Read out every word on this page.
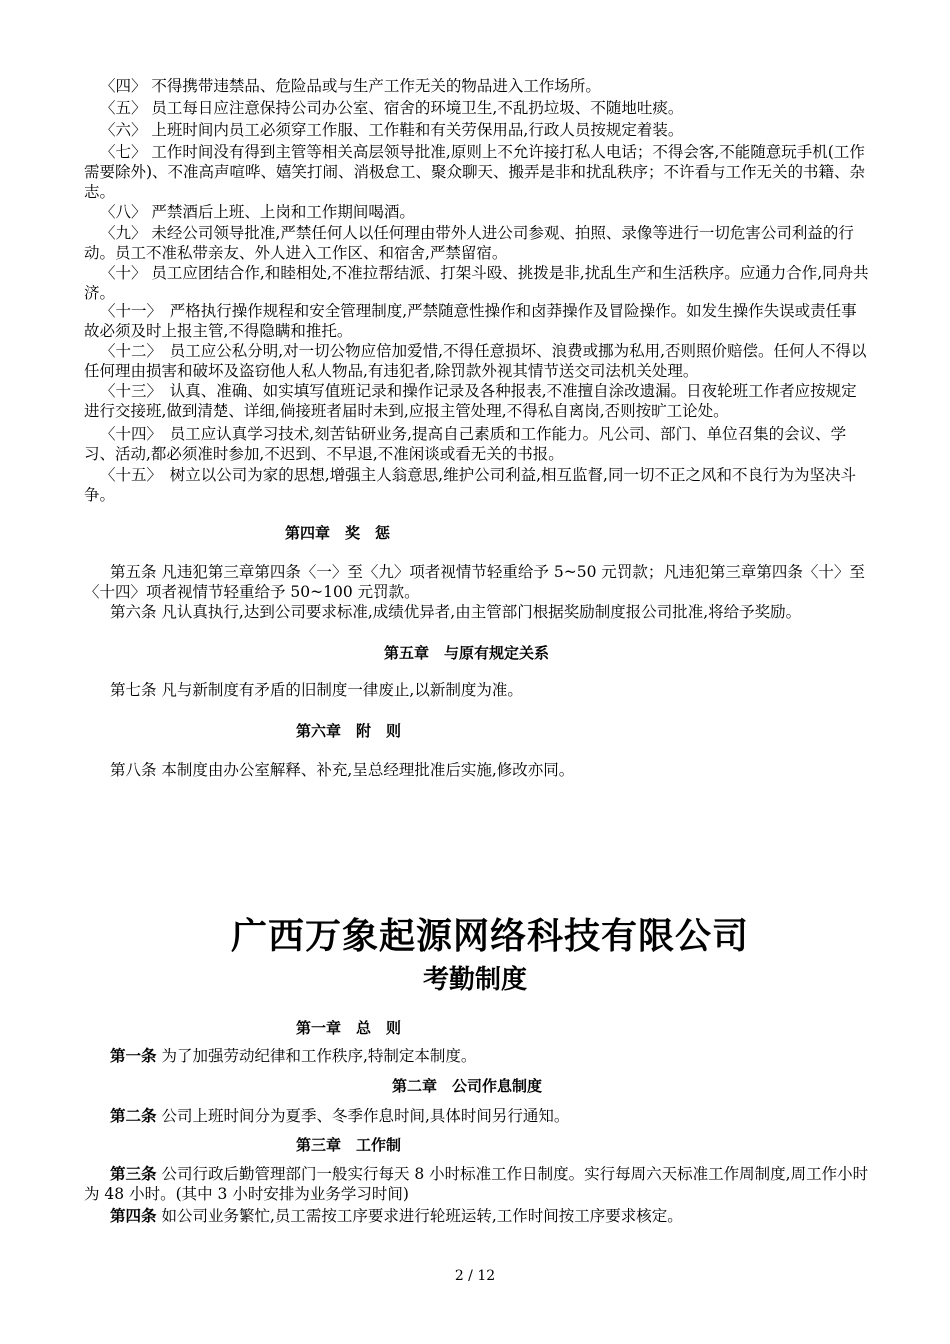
〈四〉 不得携带违禁品、危险品或与生产工作无关的物品进入工作场所。

〈五〉 员工每日应注意保持公司办公室、宿舍的环境卫生,不乱扔垃圾、不随地吐痰。

〈六〉 上班时间内员工必须穿工作服、工作鞋和有关劳保用品,行政人员按规定着装。

〈七〉 工作时间没有得到主管等相关高层领导批准,原则上不允许接打私人电话；不得会客,不能随意玩手机(工作需要除外)、不准高声喧哗、嬉笑打闹、消极怠工、聚众聊天、搬弄是非和扰乱秩序；不许看与工作无关的书籍、杂志。

〈八〉 严禁酒后上班、上岗和工作期间喝酒。

〈九〉 未经公司领导批准,严禁任何人以任何理由带外人进公司参观、拍照、录像等进行一切危害公司利益的行动。员工不准私带亲友、外人进入工作区、和宿舍,严禁留宿。

〈十〉 员工应团结合作,和睦相处,不准拉帮结派、打架斗殴、挑拨是非,扰乱生产和生活秩序。应通力合作,同舟共济。

〈十一〉　严格执行操作规程和安全管理制度,严禁随意性操作和卤莽操作及冒险操作。如发生操作失误或责任事故必须及时上报主管,不得隐瞒和推托。

〈十二〉　员工应公私分明,对一切公物应倍加爱惜,不得任意损坏、浪费或挪为私用,否则照价赔偿。任何人不得以任何理由损害和破坏及盗窃他人私人物品,有违犯者,除罚款外视其情节送交司法机关处理。

〈十三〉　认真、准确、如实填写值班记录和操作记录及各种报表,不准擅自涂改遗漏。日夜轮班工作者应按规定进行交接班,做到清楚、详细,倘接班者届时未到,应报主管处理,不得私自离岗,否则按旷工论处。

〈十四〉　员工应认真学习技术,刻苦钻研业务,提高自己素质和工作能力。凡公司、部门、单位召集的会议、学习、活动,都必须准时参加,不迟到、不早退,不准闲谈或看无关的书报。

〈十五〉　树立以公司为家的思想,增强主人翁意思,维护公司利益,相互监督,同一切不正之风和不良行为为坚决斗争。

第四章　奖　惩

第五条 凡违犯第三章第四条〈一〉至〈九〉项者视情节轻重给予 5~50 元罚款；凡违犯第三章第四条〈十〉至〈十四〉项者视情节轻重给予 50~100 元罚款。

第六条 凡认真执行,达到公司要求标准,成绩优异者,由主管部门根据奖励制度报公司批准,将给予奖励。

第五章　与原有规定关系

第七条 凡与新制度有矛盾的旧制度一律废止,以新制度为准。

第六章　附　则

第八条 本制度由办公室解释、补充,呈总经理批准后实施,修改亦同。

广西万象起源网络科技有限公司
考勤制度

第一章　总　则

第一条 为了加强劳动纪律和工作秩序,特制定本制度。

第二章　公司作息制度

第二条 公司上班时间分为夏季、冬季作息时间,具体时间另行通知。

第三章　工作制

第三条 公司行政后勤管理部门一般实行每天 8 小时标准工作日制度。实行每周六天标准工作周制度,周工作小时为 48 小时。(其中 3 小时安排为业务学习时间)

第四条 如公司业务繁忙,员工需按工序要求进行轮班运转,工作时间按工序要求核定。

2 / 12
